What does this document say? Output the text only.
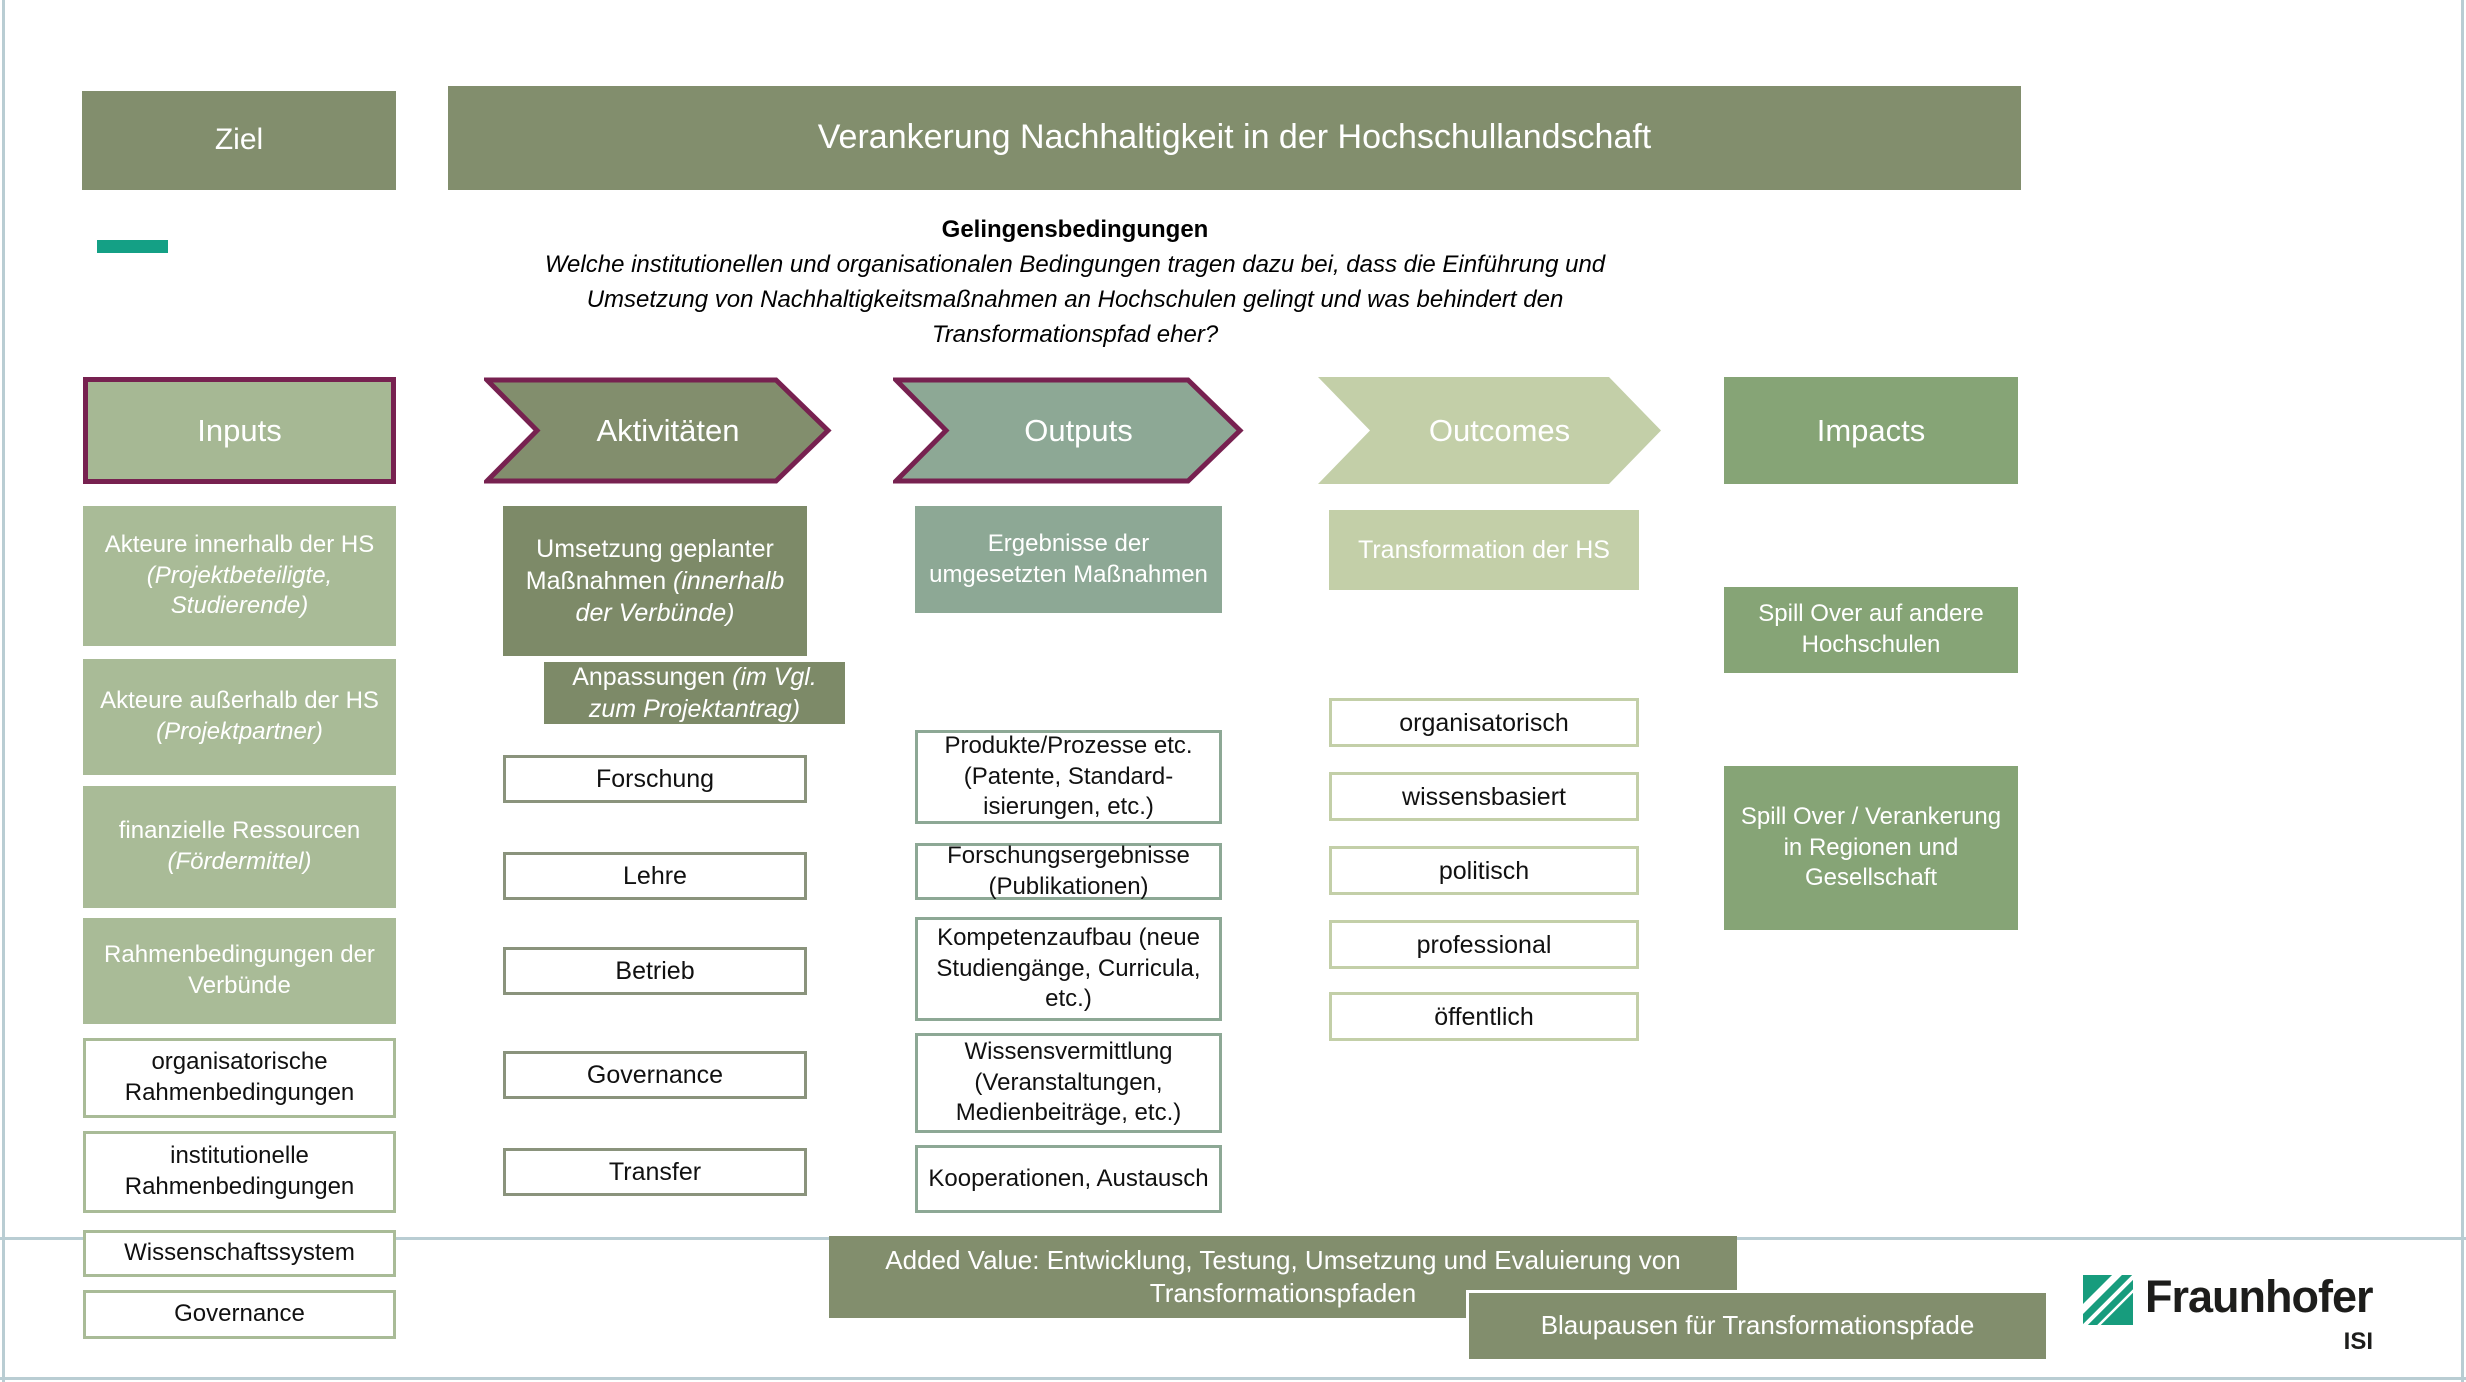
Ziel	Verankerung Nachhaltigkeit in der Hochschullandschaft
Gelingensbedingungen
Welche institutionellen und organisationalen Bedingungen tragen dazu bei, dass die Einführung und Umsetzung von Nachhaltigkeitsmaßnahmen an Hochschulen gelingt und was behindert den Transformationspfad eher?
Inputs	Aktivitäten	Outputs	Outcomes	Impacts
Akteure innerhalb der HS (Projektbeteiligte, Studierende)
Akteure außerhalb der HS (Projektpartner)
finanzielle Ressourcen (Fördermittel)
Rahmenbedingungen der Verbünde
organisatorische Rahmenbedingungen
institutionelle Rahmenbedingungen
Wissenschaftssystem
Governance
Umsetzung geplanter Maßnahmen (innerhalb der Verbünde)
Anpassungen (im Vgl. zum Projektantrag)
Forschung
Lehre
Betrieb
Governance
Transfer
Ergebnisse der umgesetzten Maßnahmen
Produkte/Prozesse etc. (Patente, Standard-isierungen, etc.)
Forschungsergebnisse (Publikationen)
Kompetenzaufbau (neue Studiengänge, Curricula, etc.)
Wissensvermittlung (Veranstaltungen, Medienbeiträge, etc.)
Kooperationen, Austausch
Transformation der HS
organisatorisch
wissensbasiert
politisch
professional
öffentlich
Spill Over auf andere Hochschulen
Spill Over / Verankerung in Regionen und Gesellschaft
Added Value: Entwicklung, Testung, Umsetzung und Evaluierung von Transformationspfaden
Blaupausen für Transformationspfade
Fraunhofer
ISI
